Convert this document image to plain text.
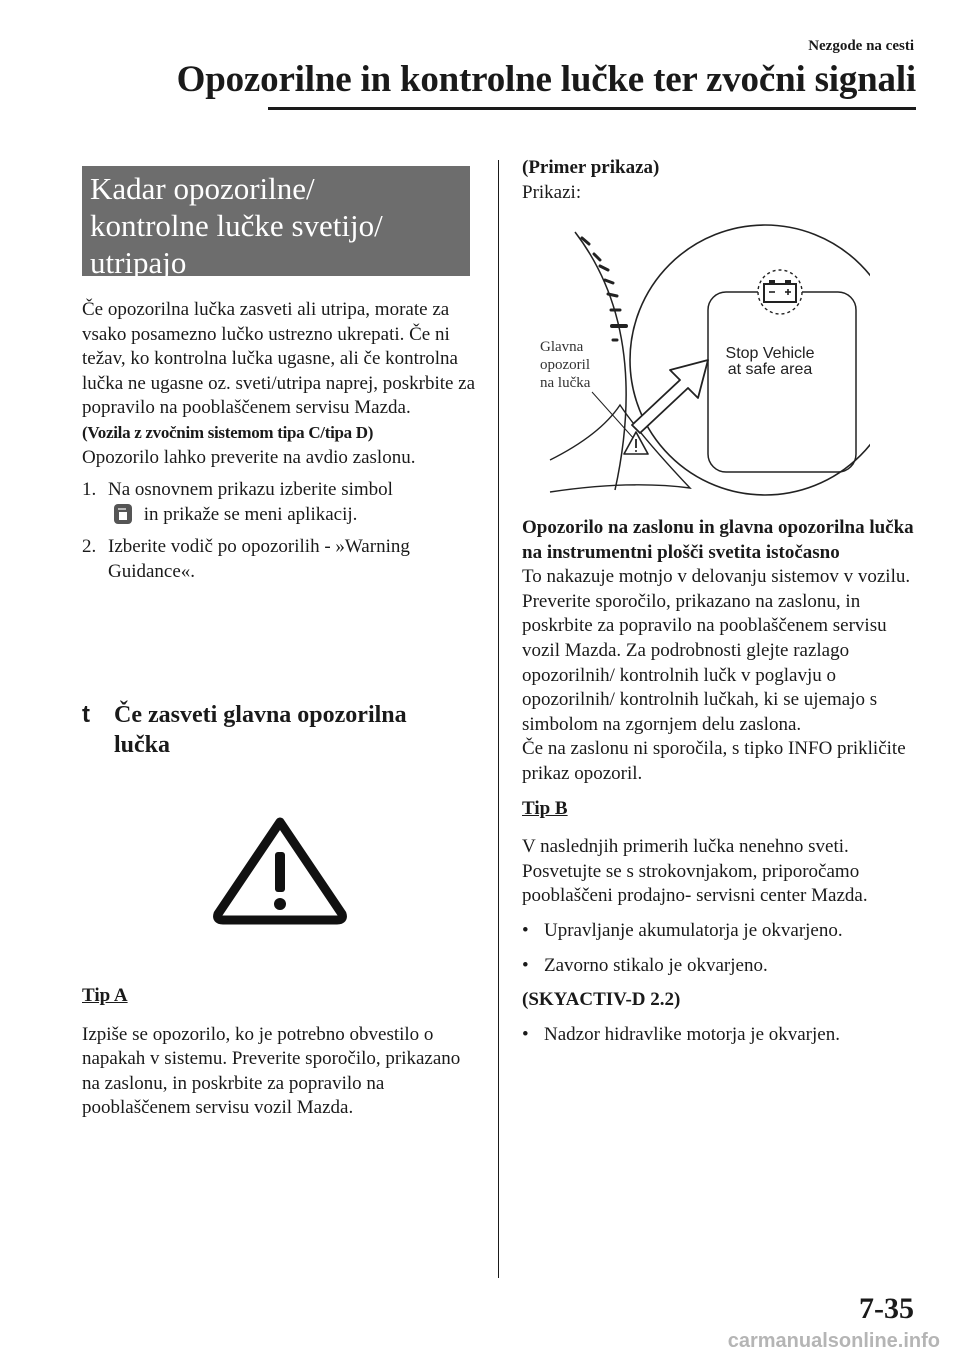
Nezgode na cesti
Opozorilne in kontrolne lučke ter zvočni signali
Kadar opozorilne/
kontrolne lučke svetijo/
utripajo

Če opozorilna lučka zasveti ali utripa, morate za vsako posamezno lučko ustrezno ukrepati. Če ni težav, ko kontrolna lučka ugasne, ali če kontrolna lučka ne ugasne oz. sveti/utripa naprej, poskrbite za popravilo na pooblaščenem servisu Mazda.

(Vozila z zvočnim sistemom tipa C/tipa D)

Opozorilo lahko preverite na avdio zaslonu.

1. Na osnovnem prikazu izberite simbol
in prikaže se meni aplikacij.
2. Izberite vodič po opozorilih - »Warning Guidance«.
t	Če zasveti glavna opozorilna
lučka
Tip A

Izpiše se opozorilo, ko je potrebno obvestilo o napakah v sistemu. Preverite sporočilo, prikazano na zaslonu, in poskrbite za popravilo na pooblaščenem servisu vozil Mazda.

(Primer prikaza)
Prikazi:
Glavna
opozoril
na lučka
Stop Vehicle
at safe area

Opozorilo na zaslonu in glavna opozorilna lučka na instrumentni plošči svetita istočasno

To nakazuje motnjo v delovanju sistemov v vozilu. Preverite sporočilo, prikazano na zaslonu, in poskrbite za popravilo na pooblaščenem servisu vozil Mazda. Za podrobnosti glejte razlago opozorilnih/ kontrolnih lučk v poglavju o opozorilnih/ kontrolnih lučkah, ki se ujemajo s simbolom na zgornjem delu zaslona.

Če na zaslonu ni sporočila, s tipko INFO prikličite prikaz opozoril.

Tip B

V naslednjih primerih lučka nenehno sveti. Posvetujte se s strokovnjakom, priporočamo pooblaščeni prodajno- servisni center Mazda.

• Upravljanje akumulatorja je okvarjeno.
• Zavorno stikalo je okvarjeno.
(SKYACTIV-D 2.2)
• Nadzor hidravlike motorja je okvarjen.
7-35
carmanualsonline.info
